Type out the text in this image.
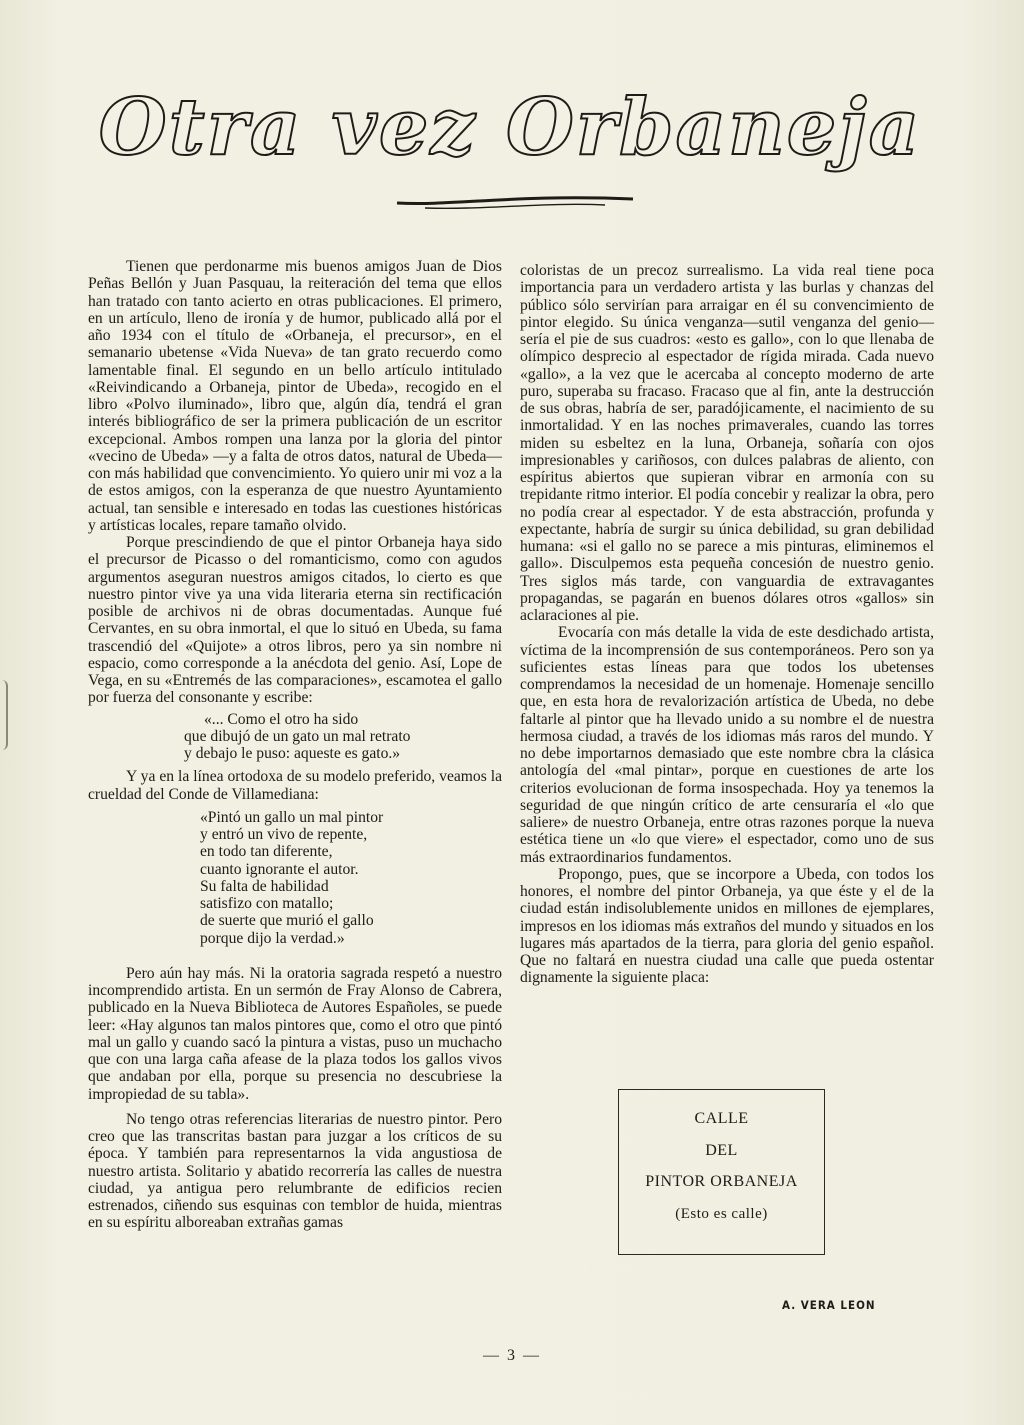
Otra vez Orbaneja

Tienen que perdonarme mis buenos amigos Juan de Dios Peñas Bellón y Juan Pasquau, la reiteración del tema que ellos han tratado con tanto acierto en otras publicaciones. El primero, en un artículo, lleno de ironía y de humor, publicado allá por el año 1934 con el título de «Orbaneja, el precursor», en el semanario ubetense «Vida Nueva» de tan grato recuerdo como lamentable final. El segundo en un bello artículo intitulado «Reivindicando a Orbaneja, pintor de Ubeda», recogido en el libro «Polvo iluminado», libro que, algún día, tendrá el gran interés bibliográfico de ser la primera publicación de un escritor excepcional. Ambos rompen una lanza por la gloria del pintor «vecino de Ubeda» —y a falta de otros datos, natural de Ubeda—con más habilidad que convencimiento. Yo quiero unir mi voz a la de estos amigos, con la esperanza de que nuestro Ayuntamiento actual, tan sensible e interesado en todas las cuestiones históricas y artísticas locales, repare tamaño olvido.

Porque prescindiendo de que el pintor Orbaneja haya sido el precursor de Picasso o del romanticismo, como con agudos argumentos aseguran nuestros amigos citados, lo cierto es que nuestro pintor vive ya una vida literaria eterna sin rectificación posible de archivos ni de obras documentadas. Aunque fué Cervantes, en su obra inmortal, el que lo situó en Ubeda, su fama trascendió del «Quijote» a otros libros, pero ya sin nombre ni espacio, como corresponde a la anécdota del genio. Así, Lope de Vega, en su «Entremés de las comparaciones», escamotea el gallo por fuerza del consonante y escribe:

«... Como el otro ha sido
que dibujó de un gato un mal retrato
y debajo le puso: aqueste es gato.»

Y ya en la línea ortodoxa de su modelo preferido, veamos la crueldad del Conde de Villamediana:

«Pintó un gallo un mal pintor
y entró un vivo de repente,
en todo tan diferente,
cuanto ignorante el autor.
Su falta de habilidad
satisfizo con matallo;
de suerte que murió el gallo
porque dijo la verdad.»

Pero aún hay más. Ni la oratoria sagrada respetó a nuestro incomprendido artista. En un sermón de Fray Alonso de Cabrera, publicado en la Nueva Biblioteca de Autores Españoles, se puede leer: «Hay algunos tan malos pintores que, como el otro que pintó mal un gallo y cuando sacó la pintura a vistas, puso un muchacho que con una larga caña afease de la plaza todos los gallos vivos que andaban por ella, porque su presencia no descubriese la impropiedad de su tabla».

No tengo otras referencias literarias de nuestro pintor. Pero creo que las transcritas bastan para juzgar a los críticos de su época. Y también para representarnos la vida angustiosa de nuestro artista. Solitario y abatido recorrería las calles de nuestra ciudad, ya antigua pero relumbrante de edificios recien estrenados, ciñendo sus esquinas con temblor de huida, mientras en su espíritu alboreaban extrañas gamas

coloristas de un precoz surrealismo. La vida real tiene poca importancia para un verdadero artista y las burlas y chanzas del público sólo servirían para arraigar en él su convencimiento de pintor elegido. Su única venganza—sutil venganza del genio—sería el pie de sus cuadros: «esto es gallo», con lo que llenaba de olímpico desprecio al espectador de rígida mirada. Cada nuevo «gallo», a la vez que le acercaba al concepto moderno de arte puro, superaba su fracaso. Fracaso que al fin, ante la destrucción de sus obras, habría de ser, paradójicamente, el nacimiento de su inmortalidad. Y en las noches primaverales, cuando las torres miden su esbeltez en la luna, Orbaneja, soñaría con ojos impresionables y cariñosos, con dulces palabras de aliento, con espíritus abiertos que supieran vibrar en armonía con su trepidante ritmo interior. El podía concebir y realizar la obra, pero no podía crear al espectador. Y de esta abstracción, profunda y expectante, habría de surgir su única debilidad, su gran debilidad humana: «si el gallo no se parece a mis pinturas, eliminemos el gallo». Disculpemos esta pequeña concesión de nuestro genio. Tres siglos más tarde, con vanguardia de extravagantes propagandas, se pagarán en buenos dólares otros «gallos» sin aclaraciones al pie.

Evocaría con más detalle la vida de este desdichado artista, víctima de la incomprensión de sus contemporáneos. Pero son ya suficientes estas líneas para que todos los ubetenses comprendamos la necesidad de un homenaje. Homenaje sencillo que, en esta hora de revalorización artística de Ubeda, no debe faltarle al pintor que ha llevado unido a su nombre el de nuestra hermosa ciudad, a través de los idiomas más raros del mundo. Y no debe importarnos demasiado que este nombre cbra la clásica antología del «mal pintar», porque en cuestiones de arte los criterios evolucionan de forma insospechada. Hoy ya tenemos la seguridad de que ningún crítico de arte censuraría el «lo que saliere» de nuestro Orbaneja, entre otras razones porque la nueva estética tiene un «lo que viere» el espectador, como uno de sus más extraordinarios fundamentos.

Propongo, pues, que se incorpore a Ubeda, con todos los honores, el nombre del pintor Orbaneja, ya que éste y el de la ciudad están indisolublemente unidos en millones de ejemplares, impresos en los idiomas más extraños del mundo y situados en los lugares más apartados de la tierra, para gloria del genio español. Que no faltará en nuestra ciudad una calle que pueda ostentar dignamente la siguiente placa:

CALLE
DEL
PINTOR ORBANEJA
(Esto es calle)
A. VERA LEON
— 3 —
